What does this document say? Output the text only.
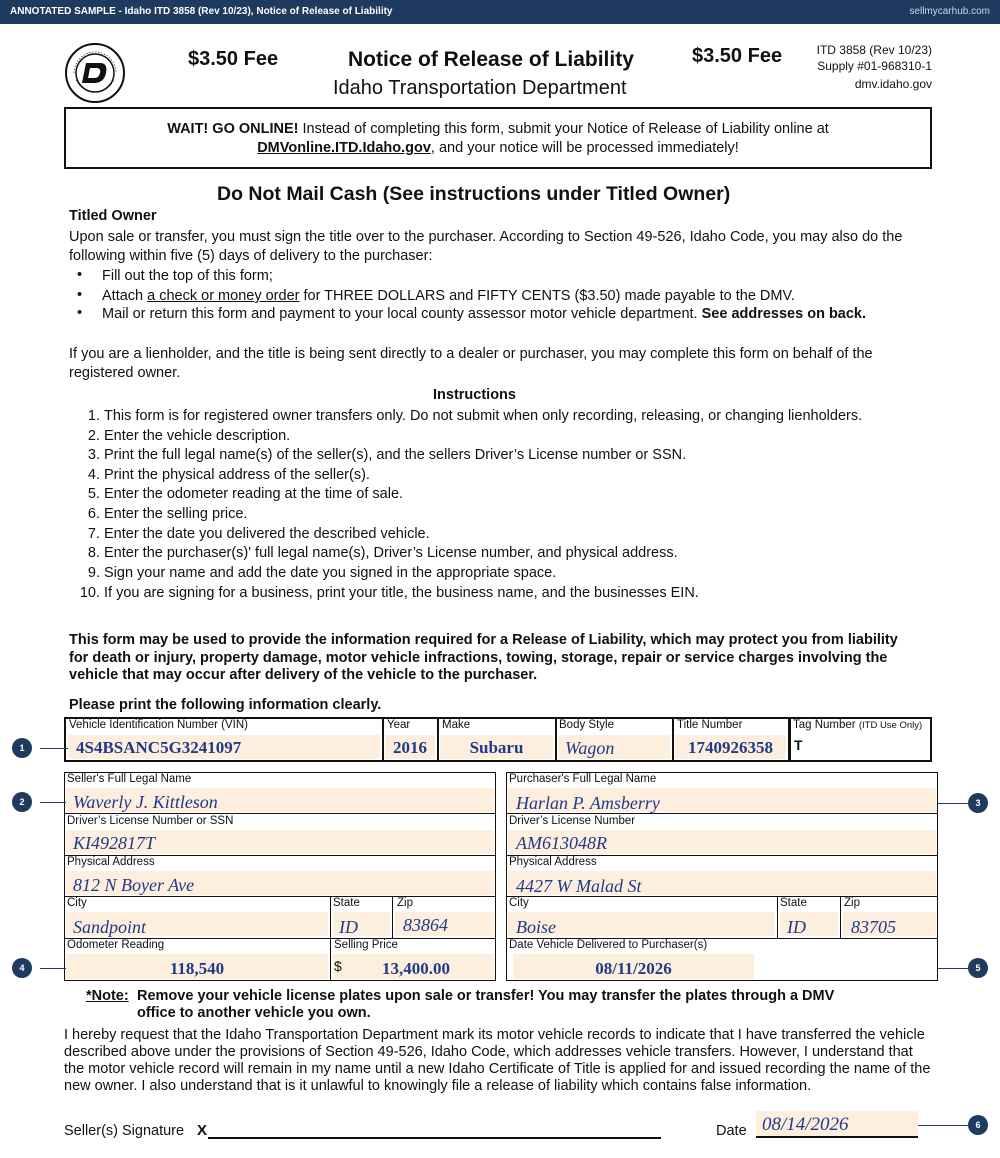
ANNOTATED SAMPLE - Idaho ITD 3858 (Rev 10/23), Notice of Release of Liability	sellmycarhub.com
$3.50 Fee	Notice of Release of Liability
Idaho Transportation Department
$3.50 Fee	ITD 3858 (Rev 10/23)
Supply #01-968310-1
dmv.idaho.gov
WAIT! GO ONLINE! Instead of completing this form, submit your Notice of Release of Liability online at
DMVonline.ITD.Idaho.gov, and your notice will be processed immediately!
Do Not Mail Cash (See instructions under Titled Owner)
Titled Owner
Upon sale or transfer, you must sign the title over to the purchaser. According to Section 49-526, Idaho Code, you may also do the following within five (5) days of delivery to the purchaser:
• Fill out the top of this form;
• Attach a check or money order for THREE DOLLARS and FIFTY CENTS ($3.50) made payable to the DMV.
• Mail or return this form and payment to your local county assessor motor vehicle department. See addresses on back.
If you are a lienholder, and the title is being sent directly to a dealer or purchaser, you may complete this form on behalf of the registered owner.
Instructions
1. This form is for registered owner transfers only. Do not submit when only recording, releasing, or changing lienholders.
2. Enter the vehicle description.
3. Print the full legal name(s) of the seller(s), and the sellers Driver’s License number or SSN.
4. Print the physical address of the seller(s).
5. Enter the odometer reading at the time of sale.
6. Enter the selling price.
7. Enter the date you delivered the described vehicle.
8. Enter the purchaser(s)' full legal name(s), Driver’s License number, and physical address.
9. Sign your name and add the date you signed in the appropriate space.
10. If you are signing for a business, print your title, the business name, and the businesses EIN.
This form may be used to provide the information required for a Release of Liability, which may protect you from liability for death or injury, property damage, motor vehicle infractions, towing, storage, repair or service charges involving the vehicle that may occur after delivery of the vehicle to the purchaser.
Please print the following information clearly.
Vehicle Identification Number (VIN)
4S4BSANC5G3241097
Year
2016
Make
Subaru
Body Style
Wagon
Title Number
1740926358
Tag Number (ITD Use Only)
T
Seller's Full Legal Name
Waverly J. Kittleson
Driver’s License Number or SSN
KI492817T
Physical Address
812 N Boyer Ave
City
Sandpoint
State
ID
Zip
83864
Odometer Reading
118,540
Selling Price
$	13,400.00
Purchaser's Full Legal Name
Harlan P. Amsberry
Driver’s License Number
AM613048R
Physical Address
4427 W Malad St
City
Boise
State
ID
Zip
83705
Date Vehicle Delivered to Purchaser(s)
08/11/2026
*Note: Remove your vehicle license plates upon sale or transfer! You may transfer the plates through a DMV
office to another vehicle you own.
I hereby request that the Idaho Transportation Department mark its motor vehicle records to indicate that I have transferred the vehicle described above under the provisions of Section 49-526, Idaho Code, which addresses vehicle transfers. However, I understand that the motor vehicle record will remain in my name until a new Idaho Certificate of Title is applied for and issued recording the name of the new owner. I also understand that is it unlawful to knowingly file a release of liability which contains false information.
Seller(s) Signature X	Date 08/14/2026
1
2	3
4	5
6
